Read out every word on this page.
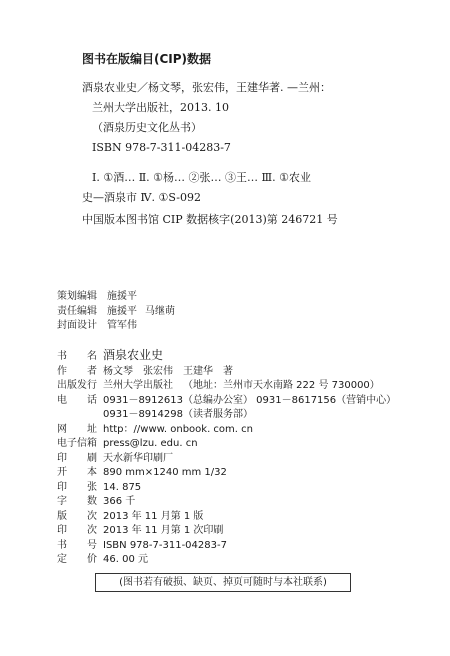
图书在版编目(CIP)数据
酒泉农业史／杨文琴，张宏伟，王建华著. —兰州：
兰州大学出版社，2013. 10
（酒泉历史文化丛书）
ISBN 978-7-311-04283-7
Ⅰ. ①酒… Ⅱ. ①杨… ②张… ③王… Ⅲ. ①农业
史—酒泉市 Ⅳ. ①S-092
中国版本图书馆 CIP 数据核字(2013)第 246721 号
策划编辑 施援平
责任编辑 施援平 马继萌
封面设计 管军伟
书 名 酒泉农业史
作 者 杨文琴 张宏伟 王建华 著
出版发行 兰州大学出版社 （地址：兰州市天水南路 222 号 730000）
电 话 0931－8912613（总编办公室） 0931－8617156（营销中心）
0931－8914298（读者服务部）
网 址 http：//www. onbook. com. cn
电子信箱 press@lzu. edu. cn
印 刷 天水新华印刷厂
开 本 890 mm×1240 mm 1/32
印 张 14. 875
字 数 366 千
版 次 2013 年 11 月第 1 版
印 次 2013 年 11 月第 1 次印刷
书 号 ISBN 978-7-311-04283-7
定 价 46. 00 元
(图书若有破损、缺页、掉页可随时与本社联系)
